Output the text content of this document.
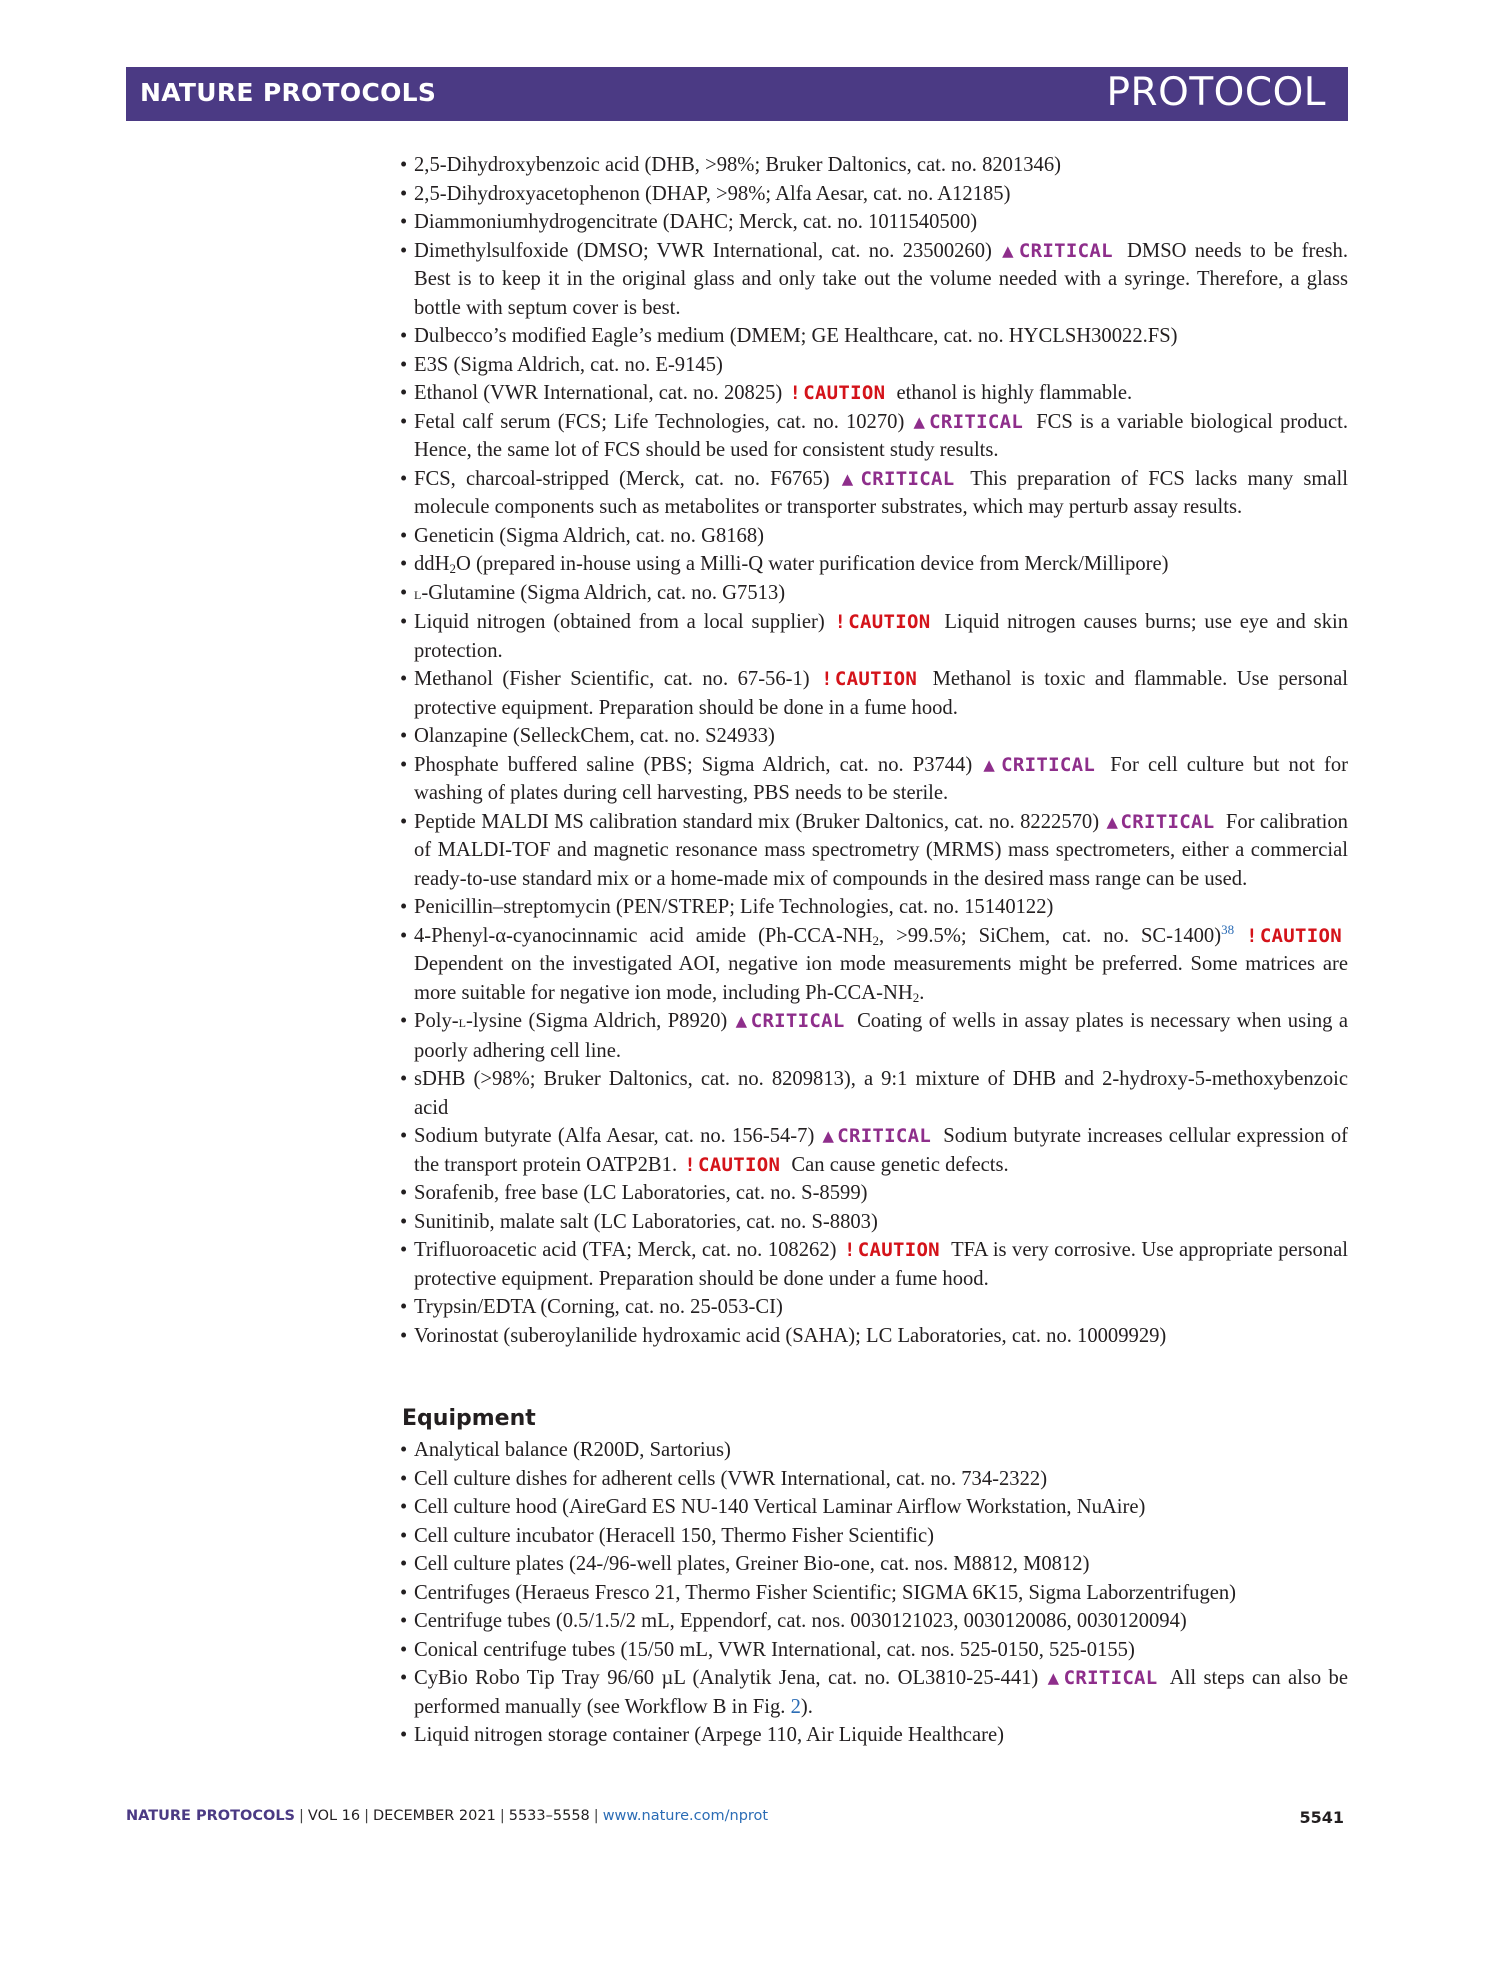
NATURE PROTOCOLS	PROTOCOL
• 2,5-Dihydroxybenzoic acid (DHB, >98%; Bruker Daltonics, cat. no. 8201346)
• 2,5-Dihydroxyacetophenon (DHAP, >98%; Alfa Aesar, cat. no. A12185)
• Diammoniumhydrogencitrate (DAHC; Merck, cat. no. 1011540500)
• Dimethylsulfoxide (DMSO; VWR International, cat. no. 23500260) ▲ CRITICAL DMSO needs to be fresh. Best is to keep it in the original glass and only take out the volume needed with a syringe. Therefore, a glass bottle with septum cover is best.
• Dulbecco’s modified Eagle’s medium (DMEM; GE Healthcare, cat. no. HYCLSH30022.FS)
• E3S (Sigma Aldrich, cat. no. E-9145)
• Ethanol (VWR International, cat. no. 20825) ! CAUTION ethanol is highly flammable.
• Fetal calf serum (FCS; Life Technologies, cat. no. 10270) ▲ CRITICAL FCS is a variable biological product. Hence, the same lot of FCS should be used for consistent study results.
• FCS, charcoal-stripped (Merck, cat. no. F6765) ▲ CRITICAL This preparation of FCS lacks many small molecule components such as metabolites or transporter substrates, which may perturb assay results.
• Geneticin (Sigma Aldrich, cat. no. G8168)
• ddH$_2$O (prepared in-house using a Milli-Q water purification device from Merck/Millipore)
• l-Glutamine (Sigma Aldrich, cat. no. G7513)
• Liquid nitrogen (obtained from a local supplier) ! CAUTION Liquid nitrogen causes burns; use eye and skin protection.
• Methanol (Fisher Scientific, cat. no. 67-56-1) ! CAUTION Methanol is toxic and flammable. Use personal protective equipment. Preparation should be done in a fume hood.
• Olanzapine (SelleckChem, cat. no. S24933)
• Phosphate buffered saline (PBS; Sigma Aldrich, cat. no. P3744) ▲ CRITICAL For cell culture but not for washing of plates during cell harvesting, PBS needs to be sterile.
• Peptide MALDI MS calibration standard mix (Bruker Daltonics, cat. no. 8222570) ▲ CRITICAL For calibration of MALDI-TOF and magnetic resonance mass spectrometry (MRMS) mass spectrometers, either a commercial ready-to-use standard mix or a home-made mix of compounds in the desired mass range can be used.
• Penicillin–streptomycin (PEN/STREP; Life Technologies, cat. no. 15140122)
• 4-Phenyl-α-cyanocinnamic acid amide ($Ph-CCA-NH_2$, >99.5%; SiChem, cat. no. SC-1400)$^{38}$ ! CAUTION Dependent on the investigated AOI, negative ion mode measurements might be preferred. Some matrices are more suitable for negative ion mode, including $Ph-CCA-NH_2$.
• Poly-l-lysine (Sigma Aldrich, P8920) ▲ CRITICAL Coating of wells in assay plates is necessary when using a poorly adhering cell line.
• sDHB (>98%; Bruker Daltonics, cat. no. 8209813), a 9:1 mixture of DHB and 2-hydroxy-5-methoxybenzoic acid
• Sodium butyrate (Alfa Aesar, cat. no. 156-54-7) ▲ CRITICAL Sodium butyrate increases cellular expression of the transport protein OATP2B1. ! CAUTION Can cause genetic defects.
• Sorafenib, free base (LC Laboratories, cat. no. S-8599)
• Sunitinib, malate salt (LC Laboratories, cat. no. S-8803)
• Trifluoroacetic acid (TFA; Merck, cat. no. 108262) ! CAUTION TFA is very corrosive. Use appropriate personal protective equipment. Preparation should be done under a fume hood.
• Trypsin/EDTA (Corning, cat. no. 25-053-CI)
• Vorinostat (suberoylanilide hydroxamic acid (SAHA); LC Laboratories, cat. no. 10009929)
Equipment
• Analytical balance (R200D, Sartorius)
• Cell culture dishes for adherent cells (VWR International, cat. no. 734-2322)
• Cell culture hood (AireGard ES NU-140 Vertical Laminar Airflow Workstation, NuAire)
• Cell culture incubator (Heracell 150, Thermo Fisher Scientific)
• Cell culture plates (24-/96-well plates, Greiner Bio-one, cat. nos. M8812, M0812)
• Centrifuges (Heraeus Fresco 21, Thermo Fisher Scientific; SIGMA 6K15, Sigma Laborzentrifugen)
• Centrifuge tubes (0.5/1.5/2 mL, Eppendorf, cat. nos. 0030121023, 0030120086, 0030120094)
• Conical centrifuge tubes (15/50 mL, VWR International, cat. nos. 525-0150, 525-0155)
• CyBio Robo Tip Tray 96/60 µL (Analytik Jena, cat. no. OL3810-25-441) ▲ CRITICAL All steps can also be performed manually (see Workflow B in Fig. 2).
• Liquid nitrogen storage container (Arpege 110, Air Liquide Healthcare)
NATURE PROTOCOLS | VOL 16 | DECEMBER 2021 | 5533–5558 | www.nature.com/nprot	5541
